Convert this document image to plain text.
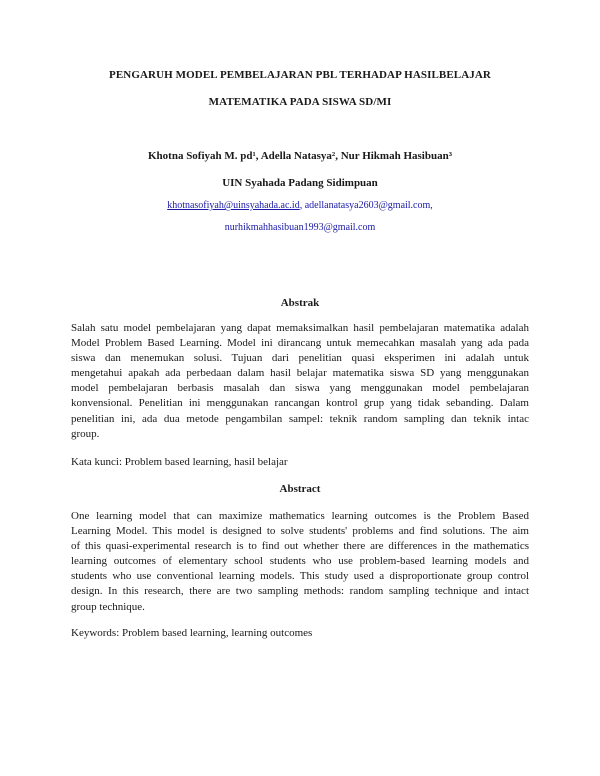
PENGARUH MODEL PEMBELAJARAN PBL TERHADAP HASILBELAJAR
MATEMATIKA PADA SISWA SD/MI
Khotna Sofiyah M. pd¹, Adella Natasya², Nur Hikmah Hasibuan³
UIN Syahada Padang Sidimpuan
khotnasofiyah@uinsyahada.ac.id, adellanatasya2603@gmail.com,
nurhikmahhasibuan1993@gmail.com
Abstrak
Salah satu model pembelajaran yang dapat memaksimalkan hasil pembelajaran matematika adalah
Model Problem Based Learning. Model ini dirancang untuk memecahkan masalah yang ada pada
siswa dan menemukan solusi. Tujuan dari penelitian quasi eksperimen ini adalah untuk
mengetahui apakah ada perbedaan dalam hasil belajar matematika siswa SD yang menggunakan
model pembelajaran berbasis masalah dan siswa yang menggunakan model pembelajaran
konvensional. Penelitian ini menggunakan rancangan kontrol grup yang tidak sebanding. Dalam
penelitian ini, ada dua metode pengambilan sampel: teknik random sampling dan teknik intac
group.
Kata kunci: Problem based learning, hasil belajar
Abstract
One learning model that can maximize mathematics learning outcomes is the Problem Based
Learning Model. This model is designed to solve students' problems and find solutions. The aim
of this quasi-experimental research is to find out whether there are differences in the mathematics
learning outcomes of elementary school students who use problem-based learning models and
students who use conventional learning models. This study used a disproportionate group control
design. In this research, there are two sampling methods: random sampling technique and intact
group technique.
Keywords: Problem based learning, learning outcomes
